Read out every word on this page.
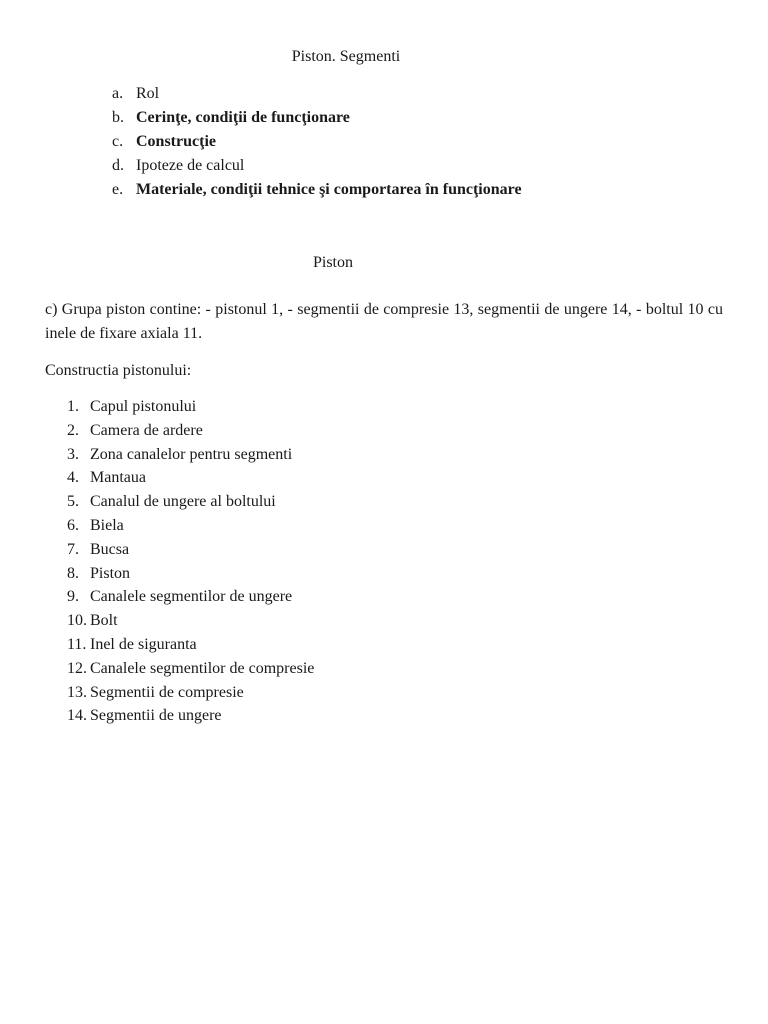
Piston. Segmenti
a. Rol
b. Cerinţe, condiţii de funcţionare
c. Construcţie
d. Ipoteze de calcul
e. Materiale, condiţii tehnice şi comportarea în funcţionare
Piston

c) Grupa piston contine: - pistonul 1, - segmentii de compresie 13, segmentii de ungere 14, - boltul 10 cu inele de fixare axiala 11.

Constructia pistonului:
1. Capul pistonului
2. Camera de ardere
3. Zona canalelor pentru segmenti
4. Mantaua
5. Canalul de ungere al boltului
6. Biela
7. Bucsa
8. Piston
9. Canalele segmentilor de ungere
10. Bolt
11. Inel de siguranta
12. Canalele segmentilor de compresie
13. Segmentii de compresie
14. Segmentii de ungere
